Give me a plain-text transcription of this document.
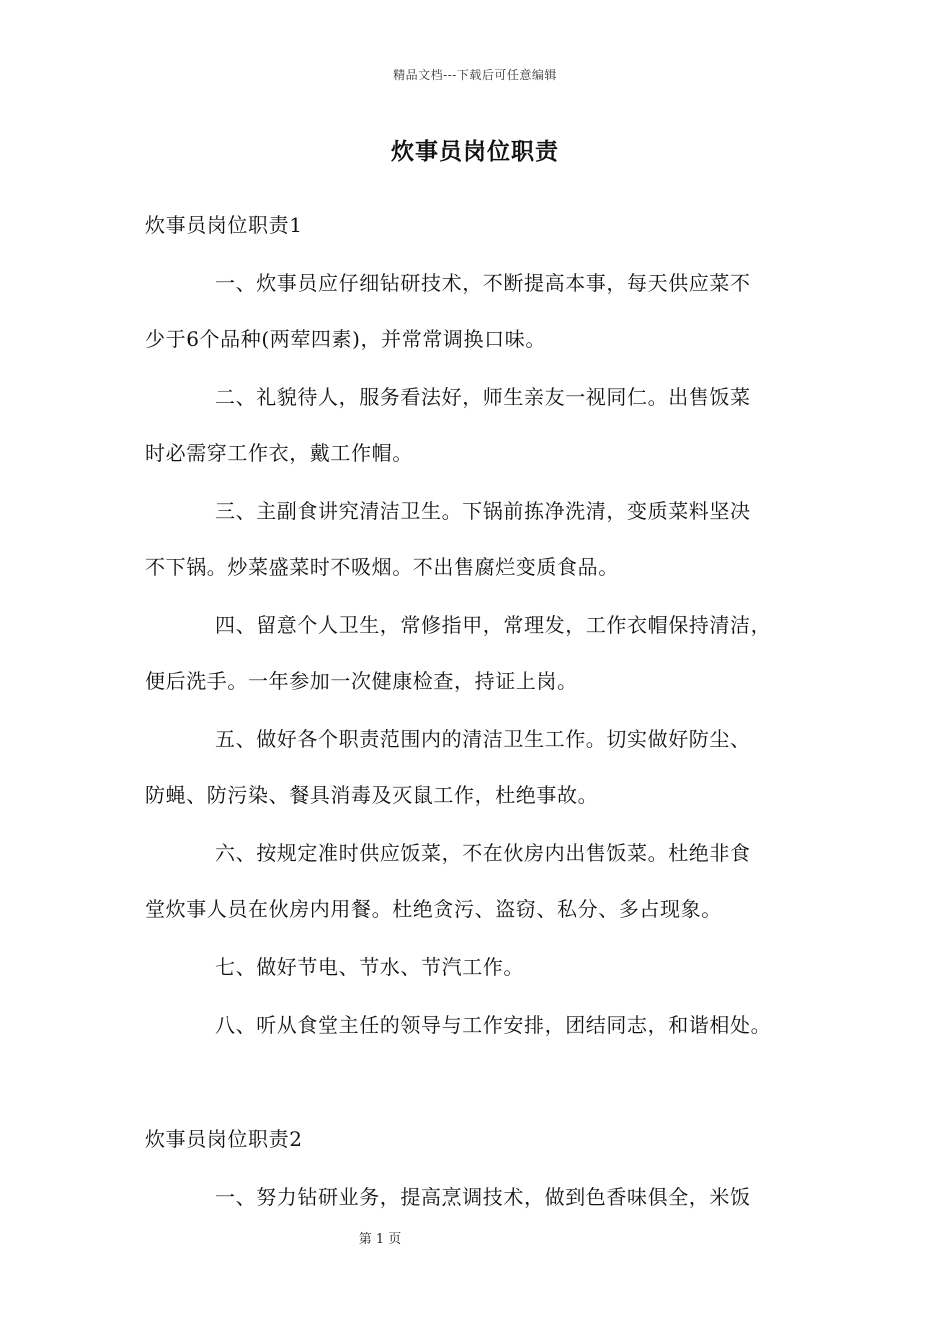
精品文档---下载后可任意编辑
炊事员岗位职责
炊事员岗位职责1
一、炊事员应仔细钻研技术，不断提高本事，每天供应菜不
少于6个品种(两荤四素)，并常常调换口味。
二、礼貌待人，服务看法好，师生亲友一视同仁。出售饭菜
时必需穿工作衣，戴工作帽。
三、主副食讲究清洁卫生。下锅前拣净洗清，变质菜料坚决
不下锅。炒菜盛菜时不吸烟。不出售腐烂变质食品。
四、留意个人卫生，常修指甲，常理发，工作衣帽保持清洁，
便后洗手。一年参加一次健康检查，持证上岗。
五、做好各个职责范围内的清洁卫生工作。切实做好防尘、
防蝇、防污染、餐具消毒及灭鼠工作，杜绝事故。
六、按规定准时供应饭菜，不在伙房内出售饭菜。杜绝非食
堂炊事人员在伙房内用餐。杜绝贪污、盗窃、私分、多占现象。
七、做好节电、节水、节汽工作。
八、听从食堂主任的领导与工作安排，团结同志，和谐相处。
炊事员岗位职责2
一、努力钻研业务，提高烹调技术，做到色香味俱全，米饭
第 1 页
